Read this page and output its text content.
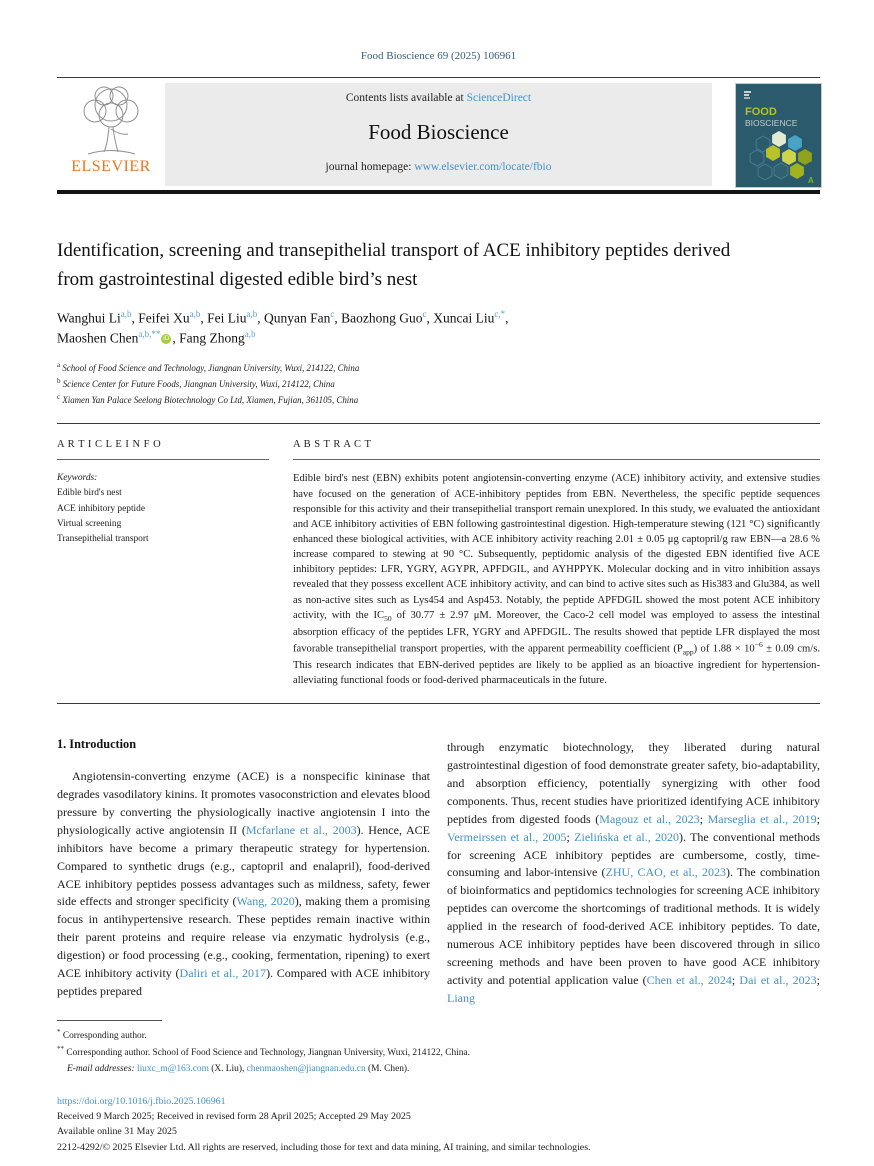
Food Bioscience 69 (2025) 106961
ELSEVIER
Contents lists available at ScienceDirect
Food Bioscience
journal homepage: www.elsevier.com/locate/fbio
FOOD
BIOSCIENCE
A
Identification, screening and transepithelial transport of ACE inhibitory peptides derived from gastrointestinal digested edible bird’s nest
Wanghui Li$^{a,b}$, Feifei Xu$^{a,b}$, Fei Liu$^{a,b}$, Qunyan Fan$^c$, Baozhong Guo$^c$, Xuncai Liu$^{c,*}$,
Maoshen Chen$^{a,b,**}$ iD , Fang Zhong$^{a,b}$
$^a$ School of Food Science and Technology, Jiangnan University, Wuxi, 214122, China
$^b$ Science Center for Future Foods, Jiangnan University, Wuxi, 214122, China
$^c$ Xiamen Yan Palace Seelong Biotechnology Co Ltd, Xiamen, Fujian, 361105, China
A R T I C L E I N F O
Keywords:
Edible bird's nest
ACE inhibitory peptide
Virtual screening
Transepithelial transport
A B S T R A C T
Edible bird's nest (EBN) exhibits potent angiotensin-converting enzyme (ACE) inhibitory activity, and extensive studies have focused on the generation of ACE-inhibitory peptides from EBN. Nevertheless, the specific peptide sequences responsible for this activity and their transepithelial transport remain unexplored. In this study, we evaluated the antioxidant and ACE inhibitory activities of EBN following gastrointestinal digestion. High-temperature stewing (121 °C) significantly enhanced these biological activities, with ACE inhibitory activity reaching 2.01 ± 0.05 μg captopril/g raw EBN—a 28.6 % increase compared to stewing at 90 °C. Subsequently, peptidomic analysis of the digested EBN identified five ACE inhibitory peptides: LFR, YGRY, AGYPR, APFDGIL, and AYHPPYK. Molecular docking and in vitro inhibition assays revealed that they possess excellent ACE inhibitory activity, and can bind to active sites such as His383 and Glu384, as well as non-active sites such as Lys454 and Asp453. Notably, the peptide APFDGIL showed the most potent ACE inhibitory activity, with the $IC_{50}$ of 30.77 ± 2.97 μM. Moreover, the Caco-2 cell model was employed to assess the intestinal absorption efficacy of the peptides LFR, YGRY and APFDGIL. The results showed that peptide LFR displayed the most favorable transepithelial transport properties, with the apparent permeability coefficient $(P_{app})$ of $1.88 \times 10^{-6} \pm 0.09$ cm/s. This research indicates that EBN-derived peptides are likely to be applied as an bioactive ingredient for hypertension-alleviating functional foods or food-derived pharmaceuticals in the future.
1. Introduction

Angiotensin-converting enzyme (ACE) is a nonspecific kininase that degrades vasodilatory kinins. It promotes vasoconstriction and elevates blood pressure by converting the physiologically inactive angiotensin I into the physiologically active angiotensin II (Mcfarlane et al., 2003). Hence, ACE inhibitors have become a primary therapeutic strategy for hypertension. Compared to synthetic drugs (e.g., captopril and enalapril), food-derived ACE inhibitory peptides possess advantages such as mildness, safety, fewer side effects and stronger specificity (Wang, 2020), making them a promising focus in antihypertensive research. These peptides remain inactive within their parent proteins and require release via enzymatic hydrolysis (e.g., digestion) or food processing (e.g., cooking, fermentation, ripening) to exert ACE inhibitory activity (Daliri et al., 2017). Compared with ACE inhibitory peptides prepared

through enzymatic biotechnology, they liberated during natural gastrointestinal digestion of food demonstrate greater safety, bio-adaptability, and absorption efficiency, potentially synergizing with other food components. Thus, recent studies have prioritized identifying ACE inhibitory peptides from digested foods (Magouz et al., 2023; Marseglia et al., 2019; Vermeirssen et al., 2005; Zielińska et al., 2020). The conventional methods for screening ACE inhibitory peptides are cumbersome, costly, time-consuming and labor-intensive (ZHU, CAO, et al., 2023). The combination of bioinformatics and peptidomics technologies for screening ACE inhibitory peptides can overcome the shortcomings of traditional methods. It is widely applied in the research of food-derived ACE inhibitory peptides. To date, numerous ACE inhibitory peptides have been discovered through in silico screening methods and have been proven to have good ACE inhibitory activity and potential application value (Chen et al., 2024; Dai et al., 2023; Liang

* Corresponding author.
** Corresponding author. School of Food Science and Technology, Jiangnan University, Wuxi, 214122, China.
E-mail addresses: liuxc_m@163.com (X. Liu), chenmaoshen@jiangnan.edu.cn (M. Chen).
https://doi.org/10.1016/j.fbio.2025.106961
Received 9 March 2025; Received in revised form 28 April 2025; Accepted 29 May 2025
Available online 31 May 2025
2212-4292/© 2025 Elsevier Ltd. All rights are reserved, including those for text and data mining, AI training, and similar technologies.
